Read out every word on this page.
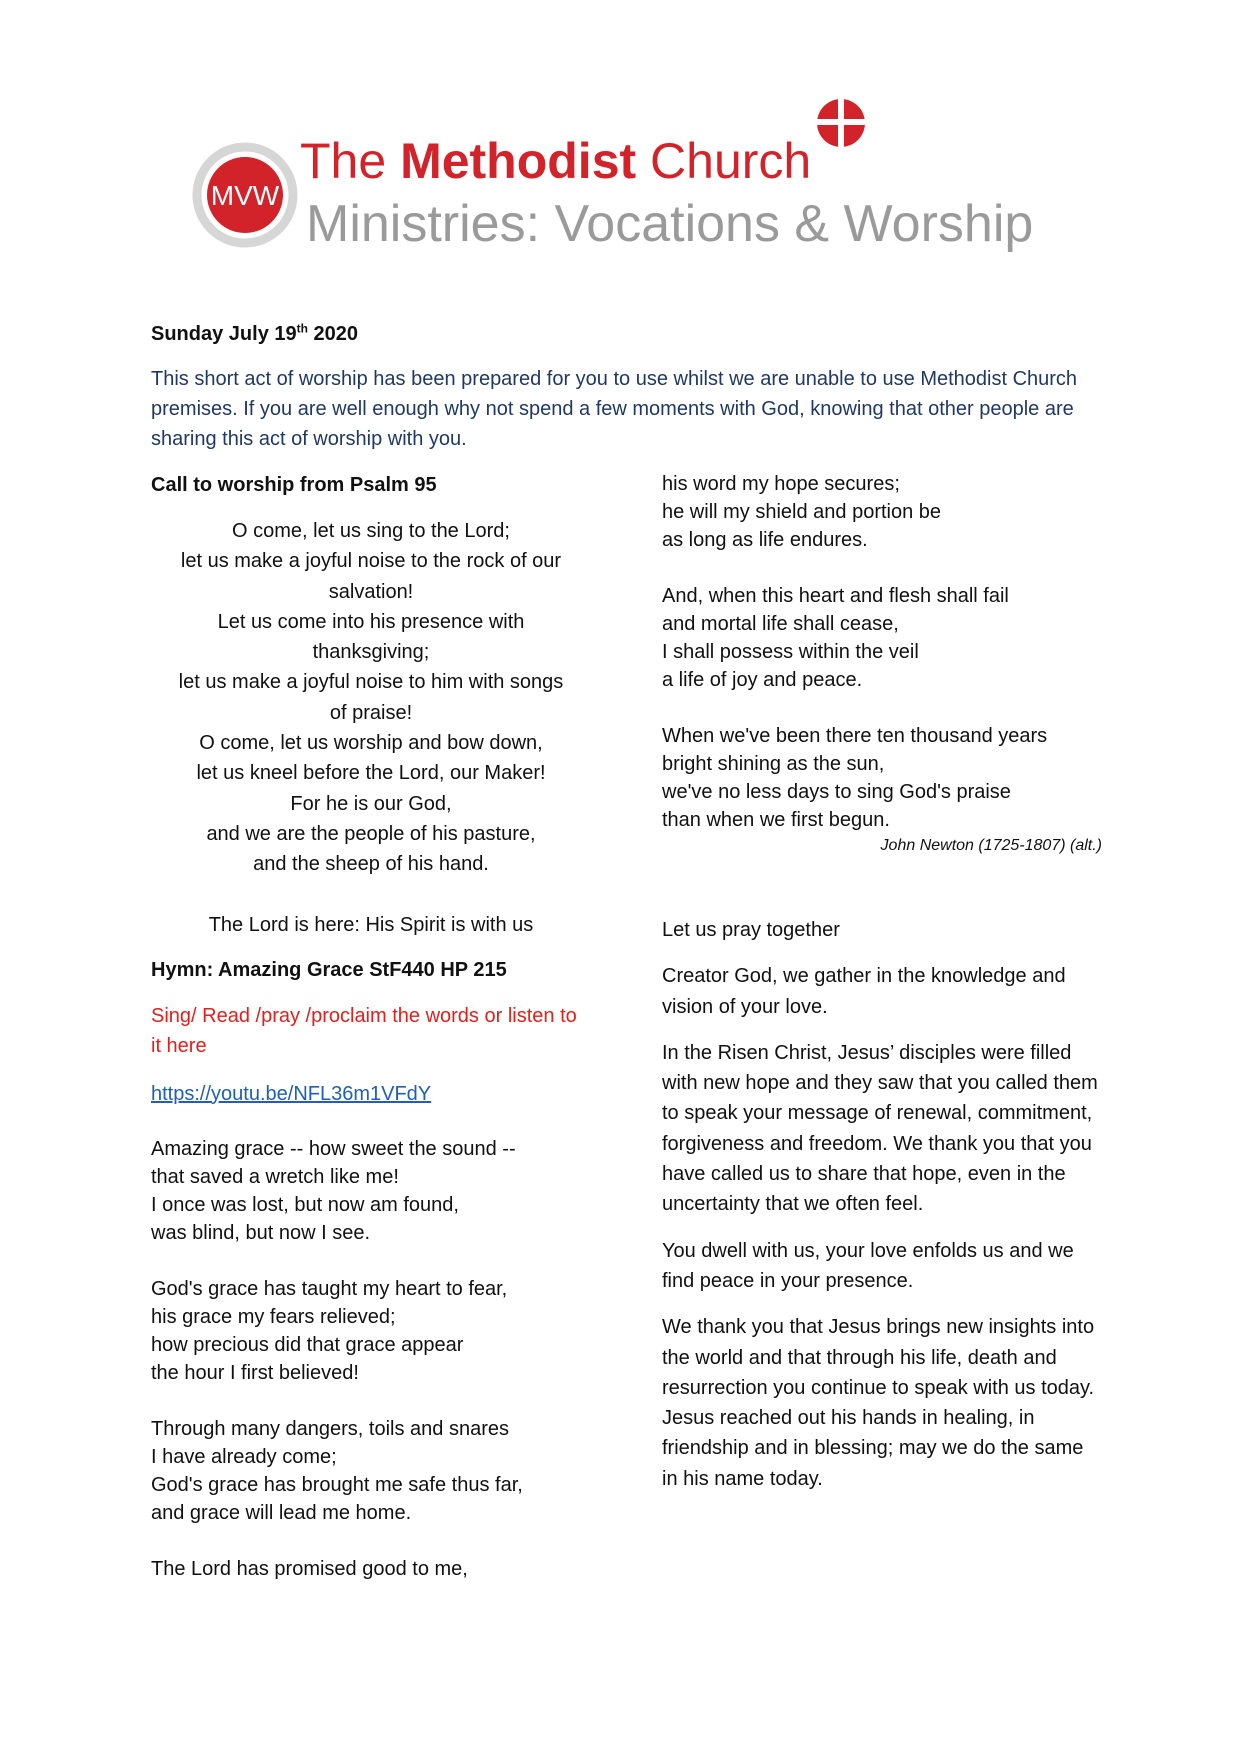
MVW
The Methodist Church
Ministries: Vocations & Worship
Sunday July 19th 2020
This short act of worship has been prepared for you to use whilst we are unable to use Methodist Church premises. If you are well enough why not spend a few moments with God, knowing that other people are sharing this act of worship with you.
Call to worship from Psalm 95
O come, let us sing to the Lord;
let us make a joyful noise to the rock of our
salvation!
Let us come into his presence with
thanksgiving;
let us make a joyful noise to him with songs
of praise!
O come, let us worship and bow down,
let us kneel before the Lord, our Maker!
For he is our God,
and we are the people of his pasture,
and the sheep of his hand.
The Lord is here: His Spirit is with us
Hymn: Amazing Grace StF440 HP 215
Sing/ Read /pray /proclaim the words or listen to it here
https://youtu.be/NFL36m1VFdY
Amazing grace -- how sweet the sound --
that saved a wretch like me!
I once was lost, but now am found,
was blind, but now I see.
God's grace has taught my heart to fear,
his grace my fears relieved;
how precious did that grace appear
the hour I first believed!
Through many dangers, toils and snares
I have already come;
God's grace has brought me safe thus far,
and grace will lead me home.
The Lord has promised good to me,
his word my hope secures;
he will my shield and portion be
as long as life endures.
And, when this heart and flesh shall fail
and mortal life shall cease,
I shall possess within the veil
a life of joy and peace.
When we've been there ten thousand years
bright shining as the sun,
we've no less days to sing God's praise
than when we first begun.
John Newton (1725-1807) (alt.)
Let us pray together
Creator God, we gather in the knowledge and vision of your love.
In the Risen Christ, Jesus’ disciples were filled with new hope and they saw that you called them to speak your message of renewal, commitment, forgiveness and freedom. We thank you that you have called us to share that hope, even in the uncertainty that we often feel.
You dwell with us, your love enfolds us and we find peace in your presence.
We thank you that Jesus brings new insights into the world and that through his life, death and resurrection you continue to speak with us today. Jesus reached out his hands in healing, in friendship and in blessing; may we do the same in his name today.
